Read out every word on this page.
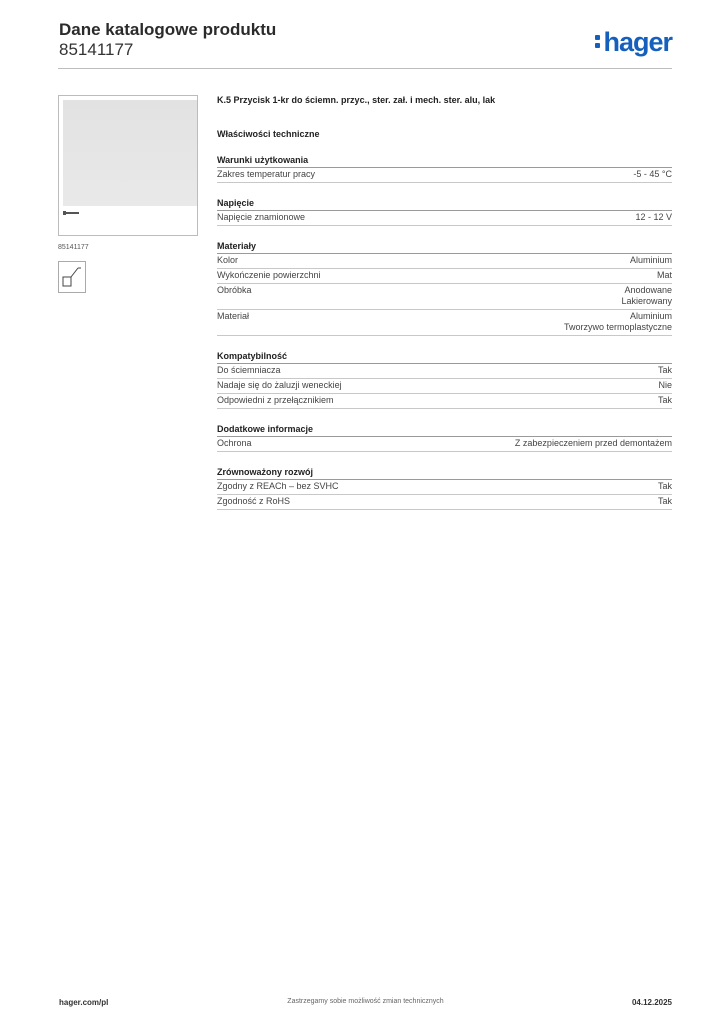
Dane katalogowe produktu
85141177	hager
85141177
K.5 Przycisk 1-kr do ściemn. przyc., ster. zał. i mech. ster. alu, lak
Właściwości techniczne
Warunki użytkowania
Zakres temperatur pracy	-5 - 45 °C
Napięcie
Napięcie znamionowe	12 - 12 V
Materiały
Kolor	Aluminium
Wykończenie powierzchni	Mat
Obróbka	Anodowane
Lakierowany
Materiał	Aluminium
Tworzywo termoplastyczne
Kompatybilność
Do ściemniacza	Tak
Nadaje się do żaluzji weneckiej	Nie
Odpowiedni z przełącznikiem	Tak
Dodatkowe informacje
Ochrona	Z zabezpieczeniem przed demontażem
Zrównoważony rozwój
Zgodny z REACh – bez SVHC	Tak
Zgodność z RoHS	Tak
hager.com/pl	Zastrzegamy sobie możliwość zmian technicznych	04.12.2025
